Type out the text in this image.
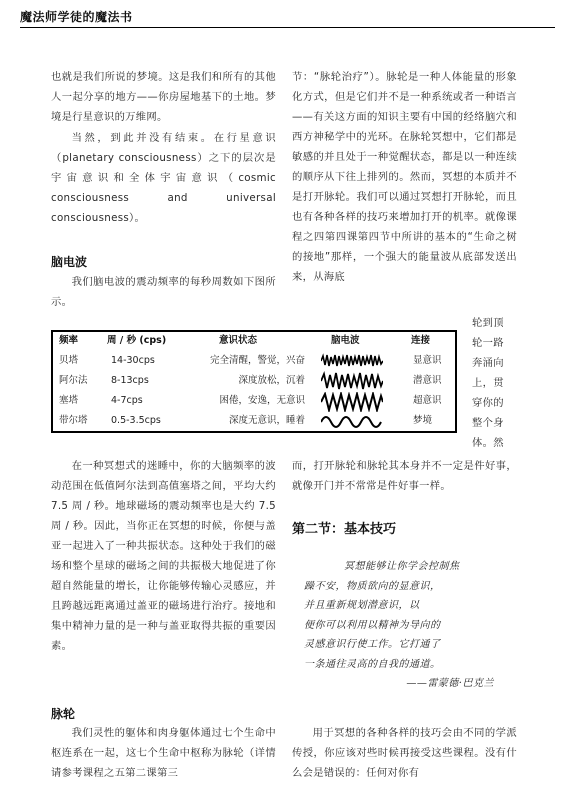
魔法师学徒的魔法书

也就是我们所说的梦境。这是我们和所有的其他人一起分享的地方——你房屋地基下的土地。梦境是行星意识的万维网。

当然，到此并没有结束。在行星意识（planetary consciousness）之下的层次是宇宙意识和全体宇宙意识（cosmic consciousness and universal consciousness）。

脑电波

我们脑电波的震动频率的每秒周数如下图所示。

频率	周 / 秒 (cps)	意识状态	脑电波	连接
贝塔	14-30cps	完全清醒，警觉，兴奋	显意识
阿尔法 8-13cps	深度放松，沉着	潜意识
塞塔	4-7cps	困倦，安逸，无意识	超意识
带尔塔 0.5-3.5cps	深度无意识，睡着	梦境

在一种冥想式的迷睡中，你的大脑频率的波动范围在低值阿尔法到高值塞塔之间，平均大约 7.5 周 / 秒。地球磁场的震动频率也是大约 7.5 周 / 秒。因此，当你正在冥想的时候，你便与盖亚一起进入了一种共振状态。这种处于我们的磁场和整个星球的磁场之间的共振极大地促进了你超自然能量的增长，让你能够传输心灵感应，并且跨越远距离通过盖亚的磁场进行治疗。接地和集中精神力量的是一种与盖亚取得共振的重要因素。

脉轮

我们灵性的躯体和肉身躯体通过七个生命中枢连系在一起，这七个生命中枢称为脉轮（详情请参考课程之五第二课第三

节：“脉轮治疗”）。脉轮是一种人体能量的形象化方式，但是它们并不是一种系统或者一种语言——有关这方面的知识主要有中国的经络脑穴和西方神秘学中的光环。在脉轮冥想中，它们都是敏感的并且处于一种觉醒状态，都是以一种连续的顺序从下往上排列的。然而，冥想的本质并不是打开脉轮。我们可以通过冥想打开脉轮，而且也有各种各样的技巧来增加打开的机率。就像课程之四第四课第四节中所讲的基本的“生命之树的接地”那样，一个强大的能量波从底部发送出来，从海底

轮到顶
轮一路
奔涌向
上，贯
穿你的
整个身
体。然

而，打开脉轮和脉轮其本身并不一定是件好事，就像开门并不常常是件好事一样。

第二节：基本技巧
冥想能够让你学会控制焦
躁不安，物质欲向的显意识，
并且重新规划潜意识，以
便你可以利用以精神为导向的
灵感意识行使工作。它打通了
一条通往灵高的自我的通道。
——雷蒙德·巴克兰

用于冥想的各种各样的技巧会由不同的学派传授，你应该对些时候再接受这些课程。没有什么会是错误的：任何对你有
